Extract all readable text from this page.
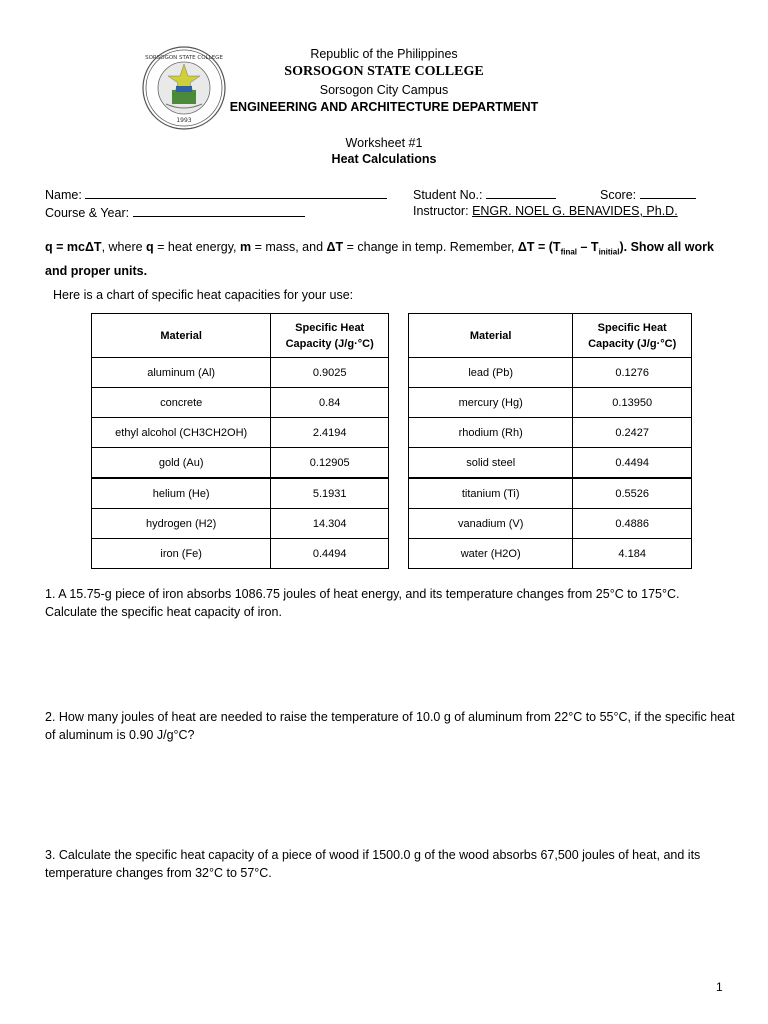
SORSOGON STATE COLLEGE
1993
Republic of the Philippines
SORSOGON STATE COLLEGE
Sorsogon City Campus
ENGINEERING AND ARCHITECTURE DEPARTMENT
Worksheet #1
Heat Calculations
Name:	Student No.:	Score:
Course & Year:	Instructor: ENGR. NOEL G. BENAVIDES, Ph.D.
q = mcΔT, where q = heat energy, m = mass, and ΔT = change in temp. Remember, $\Delta T = (T_{final} - T_{initial})$. Show all work and proper units.
Here is a chart of specific heat capacities for your use:
Material	Specific Heat
Capacity (J/g·°C)
aluminum (Al)	0.9025
concrete	0.84
ethyl alcohol (CH3CH2OH)	2.4194
gold (Au)	0.12905
helium (He)	5.1931
hydrogen (H2)	14.304
iron (Fe)	0.4494
Material	Specific Heat
Capacity (J/g·°C)
lead (Pb)	0.1276
mercury (Hg)	0.13950
rhodium (Rh)	0.2427
solid steel	0.4494
titanium (Ti)	0.5526
vanadium (V)	0.4886
water (H2O)	4.184
1. A 15.75-g piece of iron absorbs 1086.75 joules of heat energy, and its temperature changes from 25°C to 175°C. Calculate the specific heat capacity of iron.
2. How many joules of heat are needed to raise the temperature of 10.0 g of aluminum from 22°C to 55°C, if the specific heat of aluminum is 0.90 J/g°C?
3. Calculate the specific heat capacity of a piece of wood if 1500.0 g of the wood absorbs 67,500 joules of heat, and its temperature changes from 32°C to 57°C.
1
